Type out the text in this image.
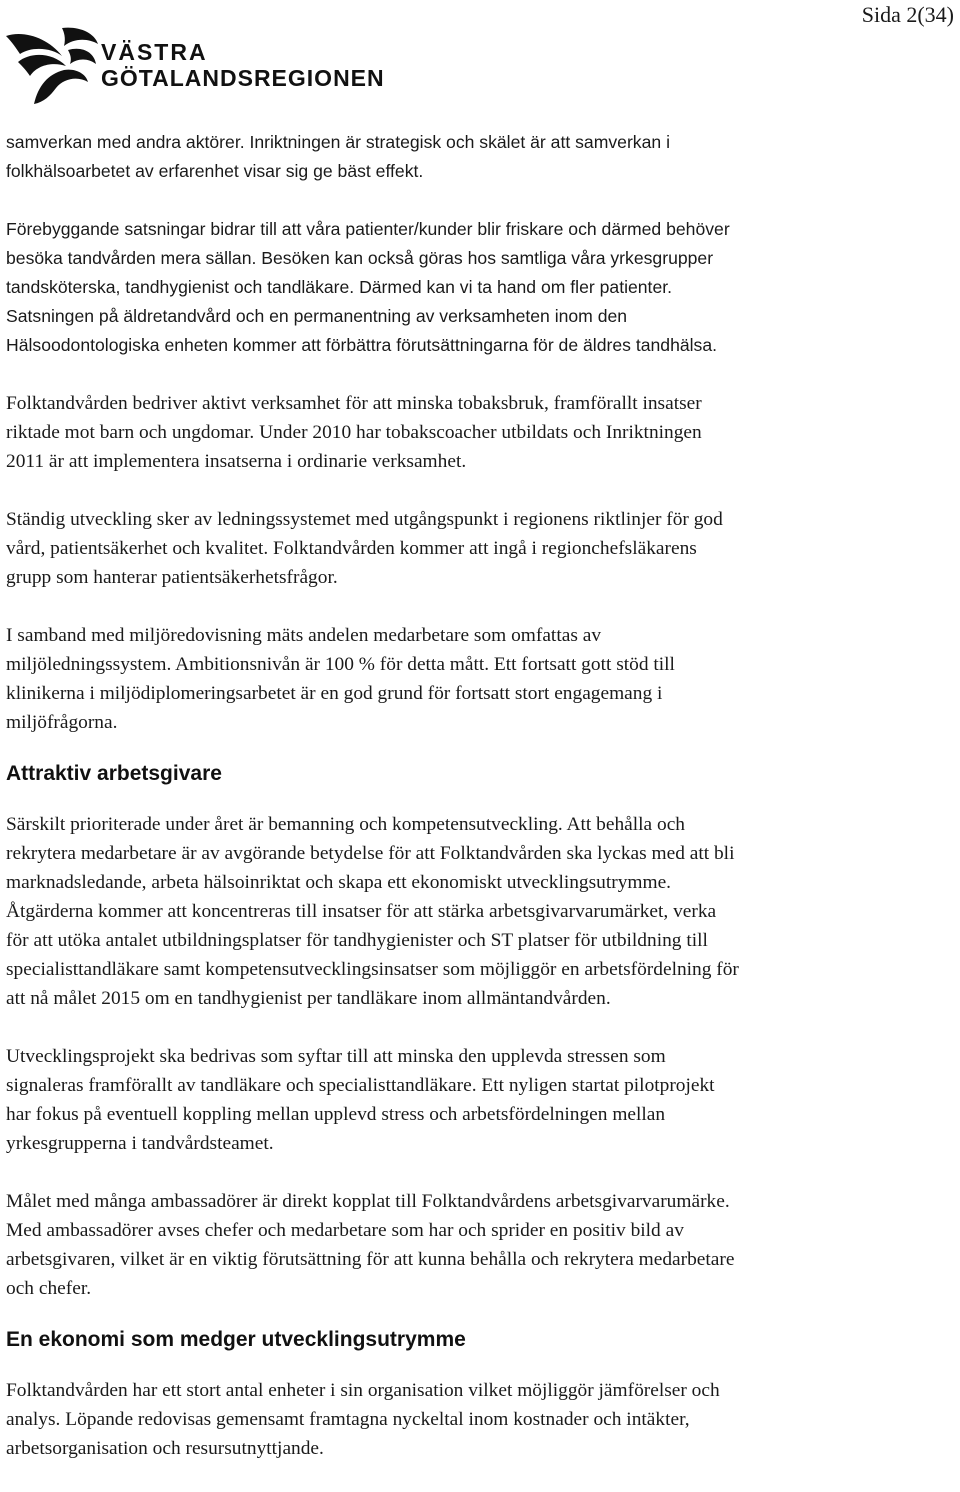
Sida 2(34)
VÄSTRA
GÖTALANDSREGIONEN

samverkan med andra aktörer. Inriktningen är strategisk och skälet är att samverkan i
folkhälsoarbetet av erfarenhet visar sig ge bäst effekt.

Förebyggande satsningar bidrar till att våra patienter/kunder blir friskare och därmed behöver
besöka tandvården mera sällan. Besöken kan också göras hos samtliga våra yrkesgrupper
tandsköterska, tandhygienist och tandläkare. Därmed kan vi ta hand om fler patienter.
Satsningen på äldretandvård och en permanentning av verksamheten inom den
Hälsoodontologiska enheten kommer att förbättra förutsättningarna för de äldres tandhälsa.

Folktandvården bedriver aktivt verksamhet för att minska tobaksbruk, framförallt insatser
riktade mot barn och ungdomar. Under 2010 har tobakscoacher utbildats och Inriktningen
2011 är att implementera insatserna i ordinarie verksamhet.

Ständig utveckling sker av ledningssystemet med utgångspunkt i regionens riktlinjer för god
vård, patientsäkerhet och kvalitet. Folktandvården kommer att ingå i regionchefsläkarens
grupp som hanterar patientsäkerhetsfrågor.

I samband med miljöredovisning mäts andelen medarbetare som omfattas av
miljöledningssystem. Ambitionsnivån är 100 % för detta mått. Ett fortsatt gott stöd till
klinikerna i miljödiplomeringsarbetet är en god grund för fortsatt stort engagemang i
miljöfrågorna.

Attraktiv arbetsgivare

Särskilt prioriterade under året är bemanning och kompetensutveckling. Att behålla och
rekrytera medarbetare är av avgörande betydelse för att Folktandvården ska lyckas med att bli
marknadsledande, arbeta hälsoinriktat och skapa ett ekonomiskt utvecklingsutrymme.
Åtgärderna kommer att koncentreras till insatser för att stärka arbetsgivarvarumärket, verka
för att utöka antalet utbildningsplatser för tandhygienister och ST platser för utbildning till
specialisttandläkare samt kompetensutvecklingsinsatser som möjliggör en arbetsfördelning för
att nå målet 2015 om en tandhygienist per tandläkare inom allmäntandvården.

Utvecklingsprojekt ska bedrivas som syftar till att minska den upplevda stressen som
signaleras framförallt av tandläkare och specialisttandläkare. Ett nyligen startat pilotprojekt
har fokus på eventuell koppling mellan upplevd stress och arbetsfördelningen mellan
yrkesgrupperna i tandvårdsteamet.

Målet med många ambassadörer är direkt kopplat till Folktandvårdens arbetsgivarvarumärke.
Med ambassadörer avses chefer och medarbetare som har och sprider en positiv bild av
arbetsgivaren, vilket är en viktig förutsättning för att kunna behålla och rekrytera medarbetare
och chefer.

En ekonomi som medger utvecklingsutrymme

Folktandvården har ett stort antal enheter i sin organisation vilket möjliggör jämförelser och
analys. Löpande redovisas gemensamt framtagna nyckeltal inom kostnader och intäkter,
arbetsorganisation och resursutnyttjande.
